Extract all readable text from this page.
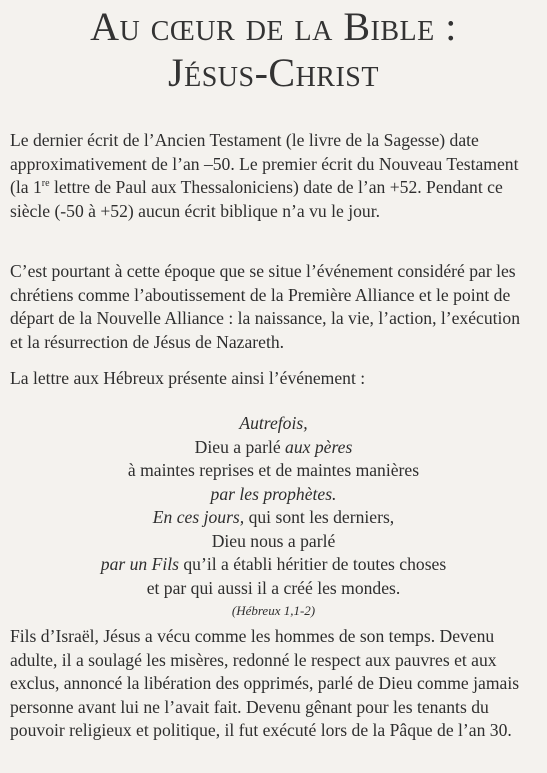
Au cœur de la Bible :
Jésus-Christ

Le dernier écrit de l’Ancien Testament (le livre de la Sagesse) date approximativement de l’an –50. Le premier écrit du Nouveau Testament (la 1re lettre de Paul aux Thessaloniciens) date de l’an +52. Pendant ce siècle (-50 à +52) aucun écrit biblique n’a vu le jour.

C’est pourtant à cette époque que se situe l’événement considéré par les chrétiens comme l’aboutissement de la Première Alliance et le point de départ de la Nouvelle Alliance : la naissance, la vie, l’action, l’exécution et la résurrection de Jésus de Nazareth.

La lettre aux Hébreux présente ainsi l’événement :

Autrefois,
Dieu a parlé aux pères
à maintes reprises et de maintes manières
par les prophètes.
En ces jours, qui sont les derniers,
Dieu nous a parlé
par un Fils qu’il a établi héritier de toutes choses
et par qui aussi il a créé les mondes.
(Hébreux 1,1-2)

Fils d’Israël, Jésus a vécu comme les hommes de son temps. Devenu adulte, il a soulagé les misères, redonné le respect aux pauvres et aux exclus, annoncé la libération des opprimés, parlé de Dieu comme jamais personne avant lui ne l’avait fait. Devenu gênant pour les tenants du pouvoir religieux et politique, il fut exécuté lors de la Pâque de l’an 30.
